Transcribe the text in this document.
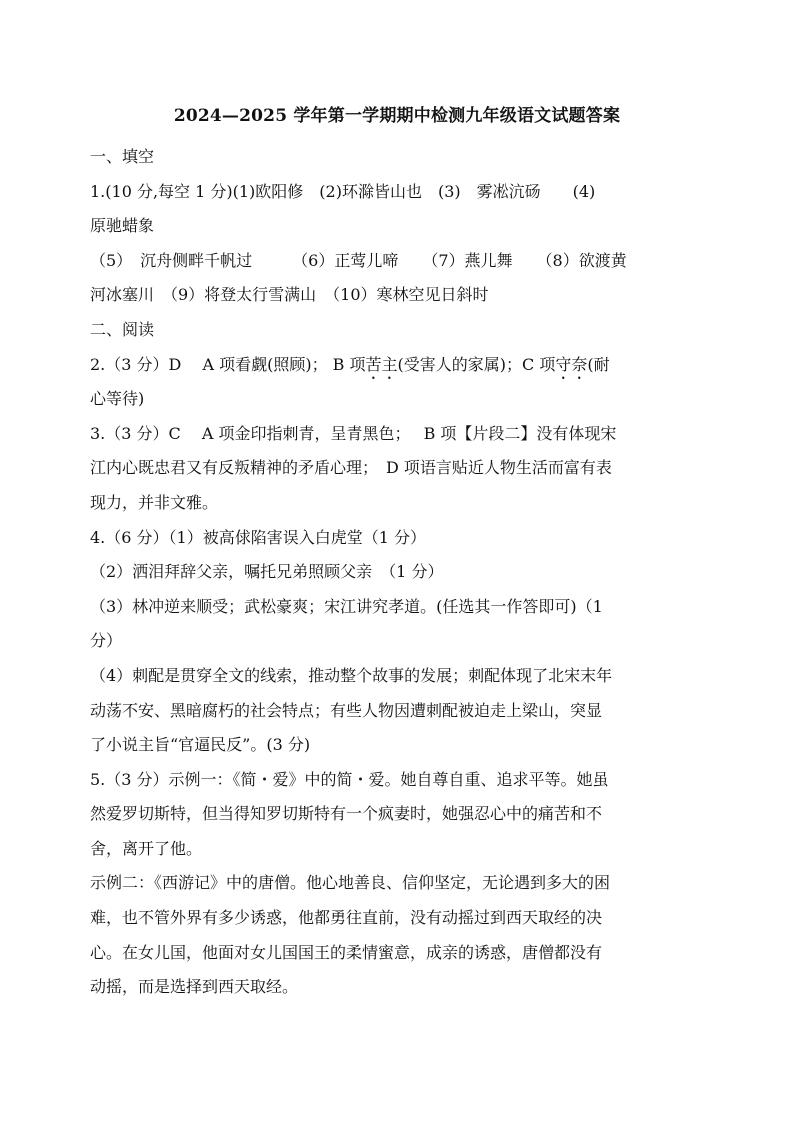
2024—2025 学年第一学期期中检测九年级语文试题答案
一、填空
1.(10 分,每空 1 分)(1)欧阳修　(2)环滁皆山也　(3)　雾凇沆砀　　(4)
原驰蜡象
（5）　沉舟侧畔千帆过　　　（6）正莺儿啼　　（7）燕儿舞　　（8）欲渡黄
河冰塞川　（9）将登太行雪满山　（10）寒林空见日斜时
二、阅读
2.（3 分）D　 A 项看觑(照顾)； B 项苦主(受害人的家属)；C 项守奈(耐
心等待)
3.（3 分）C　 A 项金印指刺青，呈青黑色；　 B 项【片段二】没有体现宋
江内心既忠君又有反叛精神的矛盾心理；　D 项语言贴近人物生活而富有表
现力，并非文雅。
4.（6 分）（1）被高俅陷害误入白虎堂（1 分）
（2）洒泪拜辞父亲，嘱托兄弟照顾父亲　（1 分）
（3）林冲逆来顺受；武松豪爽；宋江讲究孝道。(任选其一作答即可)（1
分）
（4）刺配是贯穿全文的线索，推动整个故事的发展；刺配体现了北宋末年
动荡不安、黑暗腐朽的社会特点；有些人物因遭刺配被迫走上梁山，突显
了小说主旨“官逼民反”。(3 分)
5.（3 分）示例一：《简・爱》中的简・爱。她自尊自重、追求平等。她虽
然爱罗切斯特，但当得知罗切斯特有一个疯妻时，她强忍心中的痛苦和不
舍，离开了他。
示例二：《西游记》中的唐僧。他心地善良、信仰坚定，无论遇到多大的困
难，也不管外界有多少诱惑，他都勇往直前，没有动摇过到西天取经的决
心。在女儿国，他面对女儿国国王的柔情蜜意，成亲的诱惑，唐僧都没有
动摇，而是选择到西天取经。
